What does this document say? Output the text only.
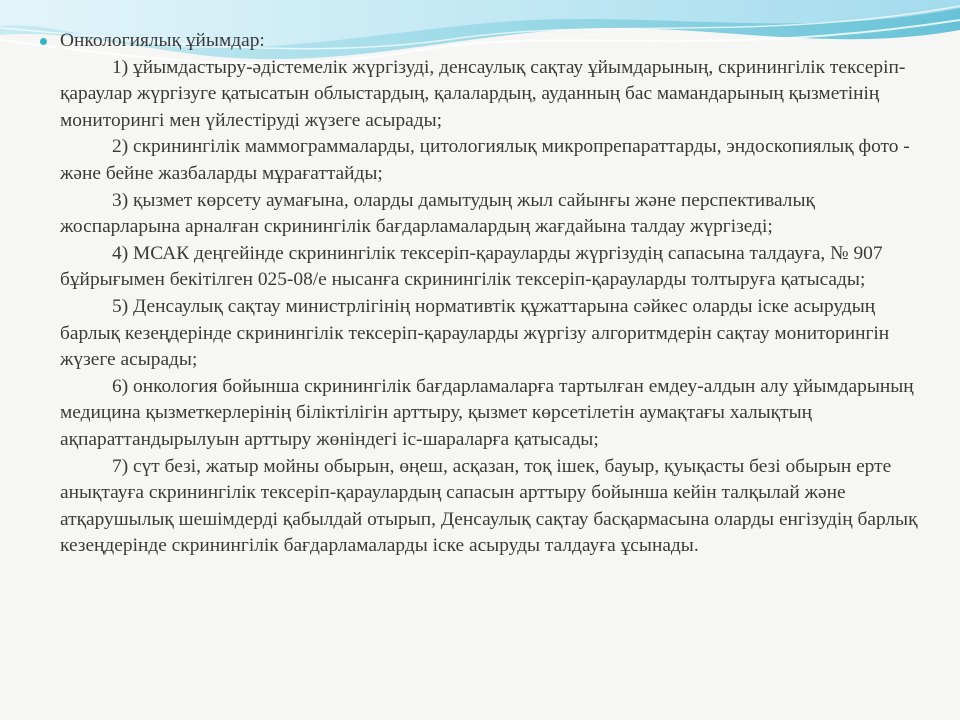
Онкологиялық ұйымдар:
1) ұйымдастыру-әдістемелік жүргізуді, денсаулық сақтау ұйымдарының, скринингілік тексеріп-қараулар жүргізуге қатысатын облыстардың, қалалардың, ауданның бас мамандарының қызметінің мониторингі мен үйлестіруді жүзеге асырады;
2) скринингілік маммограммаларды, цитологиялық микропрепараттарды, эндоскопиялық фото - және бейне жазбаларды мұрағаттайды;
3) қызмет көрсету аумағына, оларды дамытудың жыл сайынғы және перспективалық жоспарларына арналған скринингілік бағдарламалардың жағдайына талдау жүргізеді;
4) МСАК деңгейінде скринингілік тексеріп-қарауларды жүргізудің сапасына талдауға, № 907 бұйрығымен бекітілген 025-08/е нысанға скринингілік тексеріп-қарауларды толтыруға қатысады;
5) Денсаулық сақтау министрлігінің нормативтік құжаттарына сәйкес оларды іске асырудың барлық кезеңдерінде скринингілік тексеріп-қарауларды жүргізу алгоритмдерін сақтау мониторингін жүзеге асырады;
6) онкология бойынша скринингілік бағдарламаларға тартылған емдеу-алдын алу ұйымдарының медицина қызметкерлерінің біліктілігін арттыру, қызмет көрсетілетін аумақтағы халықтың ақпараттандырылуын арттыру жөніндегі іс-шараларға қатысады;
7) сүт безі, жатыр мойны обырын, өңеш, асқазан, тоқ ішек, бауыр, қуықасты безі обырын ерте анықтауға скринингілік тексеріп-қараулардың сапасын арттыру бойынша кейін талқылай және атқарушылық шешімдерді қабылдай отырып, Денсаулық сақтау басқармасына оларды енгізудің барлық кезеңдерінде скринингілік бағдарламаларды іске асыруды талдауға ұсынады.
